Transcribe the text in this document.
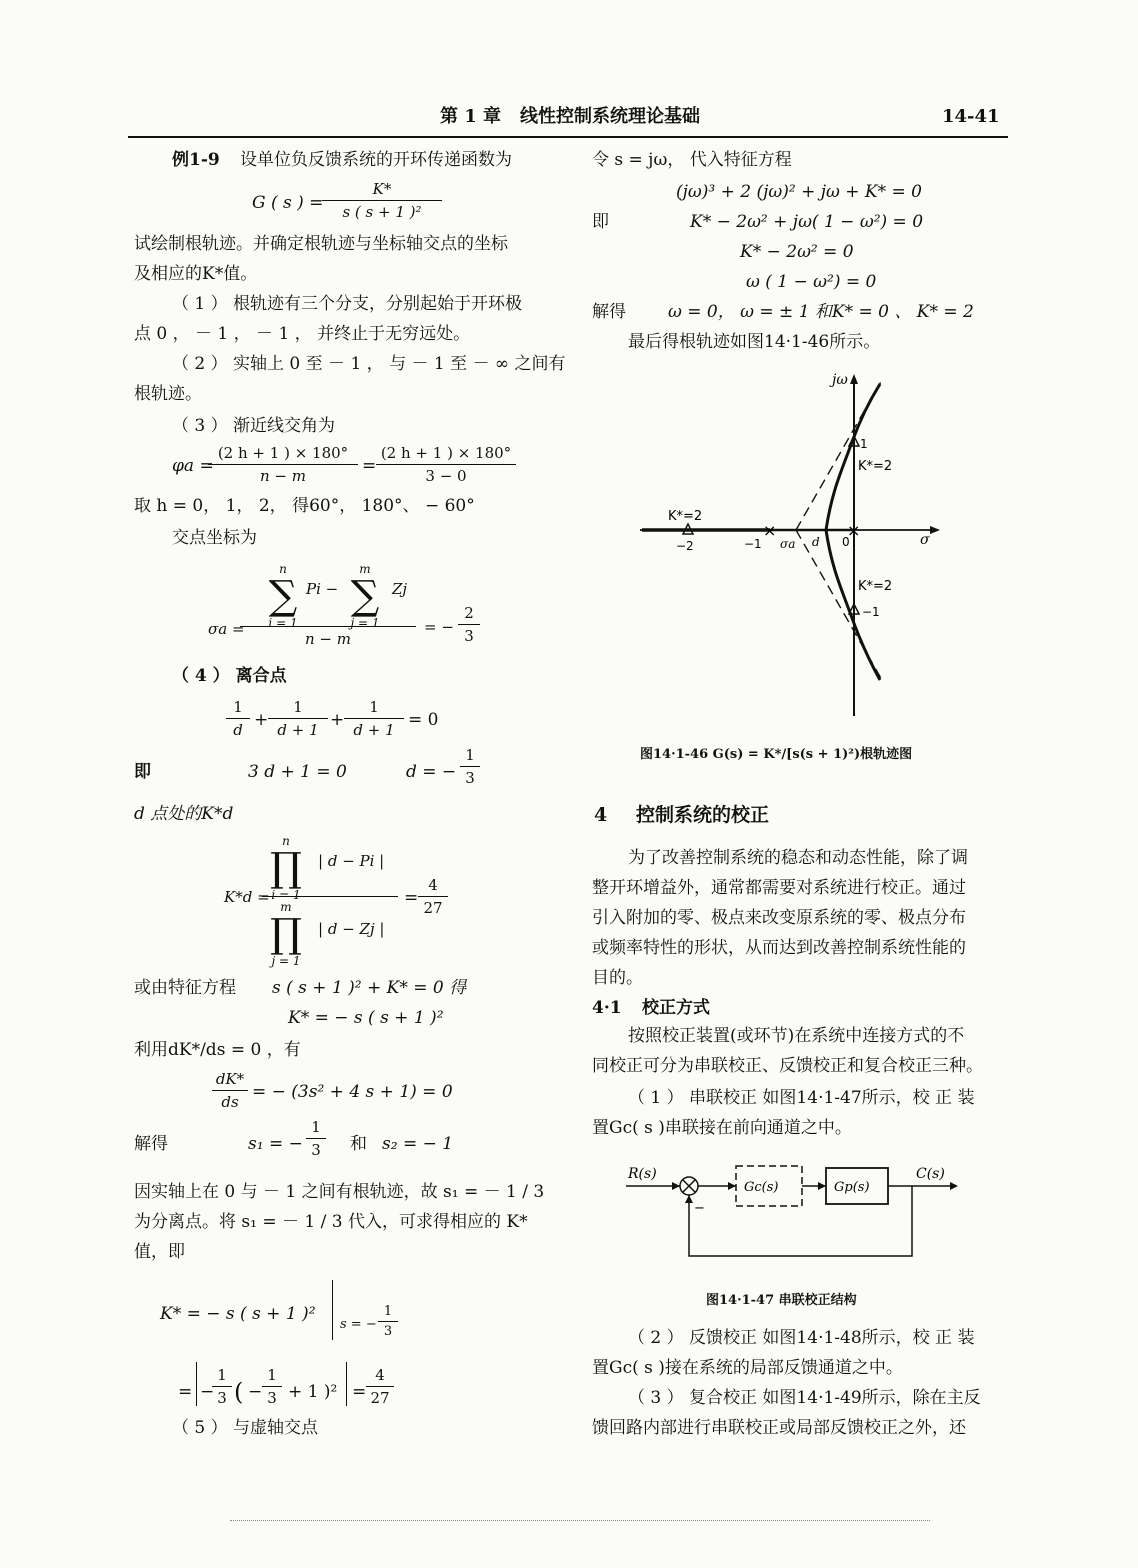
第 1 章 线性控制系统理论基础	14-41
例1-9 设单位负反馈系统的开环传递函数为
G ( s ) =
K*
s ( s + 1 )²
试绘制根轨迹。并确定根轨迹与坐标轴交点的坐标
及相应的K*值。
（ 1 ） 根轨迹有三个分支，分别起始于开环极
点 0 ， － 1 ， － 1 ， 并终止于无穷远处。
（ 2 ） 实轴上 0 至 － 1 ， 与 － 1 至 － ∞ 之间有
根轨迹。
（ 3 ） 渐近线交角为
φa =
(2 h + 1 ) × 180°
n − m	=
(2 h + 1 ) × 180°
3 − 0
取 h = 0， 1， 2， 得60°， 180°、 − 60°
交点坐标为
σa =
n
∑
i = 1
Pi −
m
∑
j = 1
Zj
n − m
= −
2
3
（ 4 ） 离合点
1
d +
1
d + 1 +
1
d + 1 = 0
即	3 d + 1 = 0	d = −
1
3
d 点处的K*d
K*d =
n
∏
i = 1
| d − Pi |
m
∏
j = 1
| d − Zj |
=
4
27
或由特征方程 s ( s + 1 )² + K* = 0 得
K* = − s ( s + 1 )²
利用dK*/ds = 0 ，有
dK*
ds = − (3s² + 4 s + 1) = 0
解得	s₁ = −
1
3 和 s₂ = − 1
因实轴上在 0 与 － 1 之间有根轨迹，故 s₁ = － 1 / 3
为分离点。将 s₁ = － 1 / 3 代入，可求得相应的 K*
值，即
K* = − s ( s + 1 )²
s = −
1
3
= −
1
3 ( −
1
3 + 1 )² =
4
27
（ 5 ） 与虚轴交点
令 s = jω， 代入特征方程
(jω)³ + 2 (jω)² + jω + K* = 0
即	K* − 2ω² + jω( 1 − ω²) = 0
K* − 2ω² = 0
ω ( 1 − ω²) = 0
解得 ω = 0， ω = ± 1 和K* = 0 、 K* = 2
最后得根轨迹如图14·1-46所示。
×	×
jω
σ
K*=2
K*=2
K*=2
1
−1
−2	−1 σa d 0
图14·1-46 G(s) = K*/[s(s + 1)²)根轨迹图
4 控制系统的校正
为了改善控制系统的稳态和动态性能，除了调
整开环增益外，通常都需要对系统进行校正。通过
引入附加的零、极点来改变原系统的零、极点分布
或频率特性的形状，从而达到改善控制系统性能的
目的。
4·1 校正方式
按照校正装置(或环节)在系统中连接方式的不
同校正可分为串联校正、反馈校正和复合校正三种。
（ 1 ） 串联校正 如图14·1-47所示，校 正 装
置Gc( s )串联接在前向通道之中。
R(s)
Gc(s)	Gp(s)
C(s)
−
图14·1-47 串联校正结构
（ 2 ） 反馈校正 如图14·1-48所示，校 正 装
置Gc( s )接在系统的局部反馈通道之中。
（ 3 ） 复合校正 如图14·1-49所示，除在主反
馈回路内部进行串联校正或局部反馈校正之外，还
